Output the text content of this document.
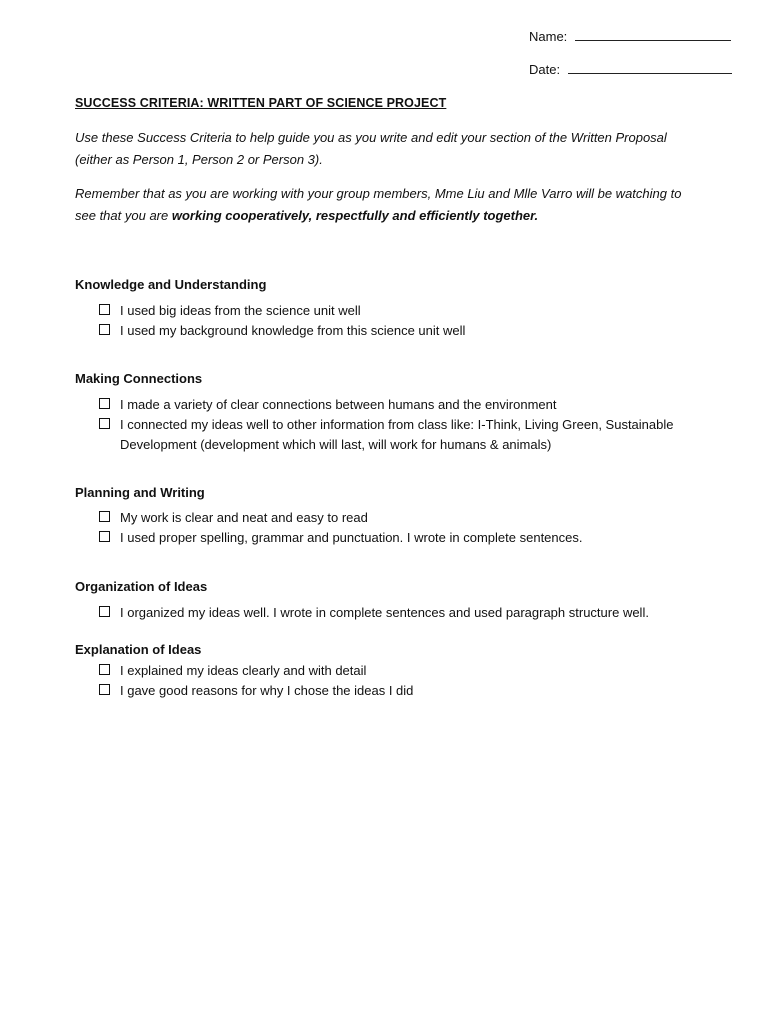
Name:
Date:
SUCCESS CRITERIA: WRITTEN PART OF SCIENCE PROJECT

Use these Success Criteria to help guide you as you write and edit your section of the Written Proposal (either as Person 1, Person 2 or Person 3).

Remember that as you are working with your group members, Mme Liu and Mlle Varro will be watching to see that you are working cooperatively, respectfully and efficiently together.

Knowledge and Understanding
I used big ideas from the science unit well
I used my background knowledge from this science unit well
Making Connections
I made a variety of clear connections between humans and the environment
I connected my ideas well to other information from class like: I-Think, Living Green, Sustainable Development (development which will last, will work for humans & animals)
Planning and Writing
My work is clear and neat and easy to read
I used proper spelling, grammar and punctuation. I wrote in complete sentences.
Organization of Ideas
I organized my ideas well. I wrote in complete sentences and used paragraph structure well.
Explanation of Ideas
I explained my ideas clearly and with detail
I gave good reasons for why I chose the ideas I did
